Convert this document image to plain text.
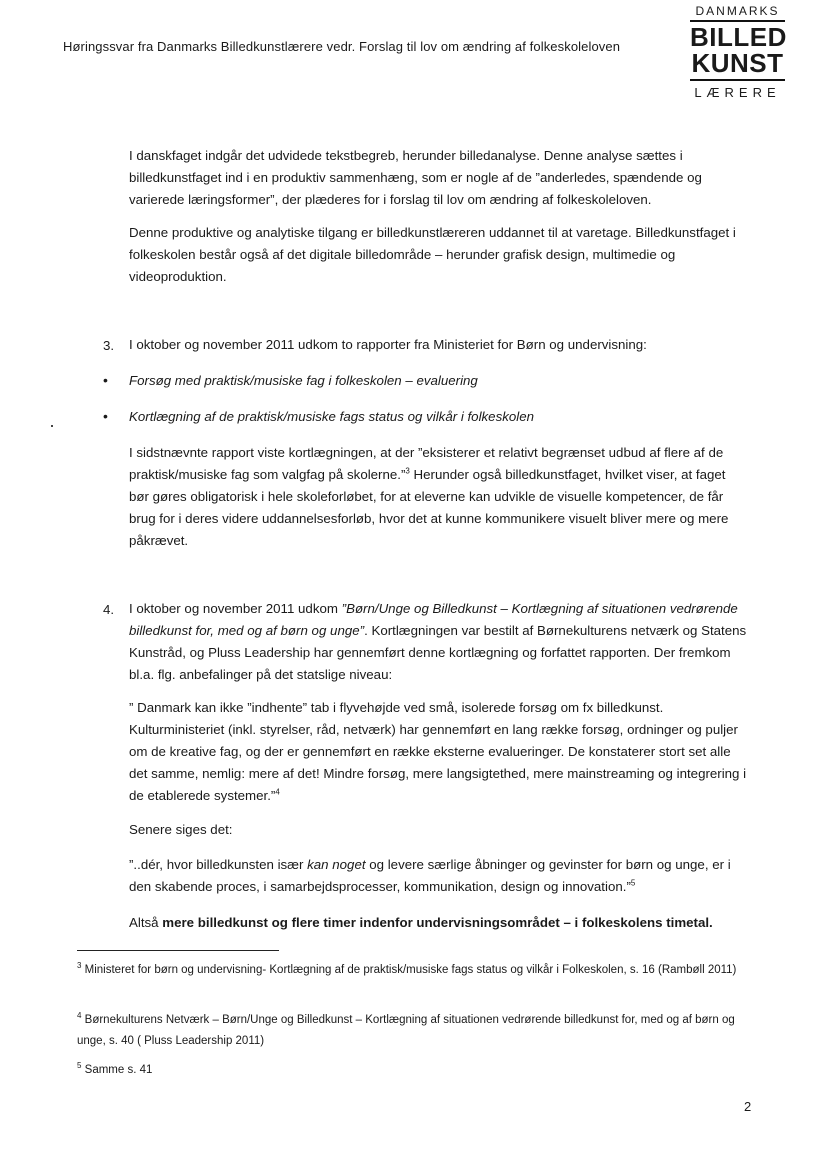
Høringssvar fra Danmarks Billedkunstlærere vedr. Forslag til lov om ændring af folkeskoleloven
DANMARKS
BILLED
KUNST
LÆRERE

I danskfaget indgår det udvidede tekstbegreb, herunder billedanalyse. Denne analyse sættes i billedkunstfaget ind i en produktiv sammenhæng, som er nogle af de ”anderledes, spændende og varierede læringsformer”, der plæderes for i forslag til lov om ændring af folkeskoleloven.

Denne produktive og analytiske tilgang er billedkunstlæreren uddannet til at varetage. Billedkunstfaget i folkeskolen består også af det digitale billedområde – herunder grafisk design, multimedie og videoproduktion.

3. I oktober og november 2011 udkom to rapporter fra Ministeriet for Børn og undervisning:

• Forsøg med praktisk/musiske fag i folkeskolen – evaluering

• Kortlægning af de praktisk/musiske fags status og vilkår i folkeskolen

I sidstnævnte rapport viste kortlægningen, at der ”eksisterer et relativt begrænset udbud af flere af de praktisk/musiske fag som valgfag på skolerne.”$^3$ Herunder også billedkunstfaget, hvilket viser, at faget bør gøres obligatorisk i hele skoleforløbet, for at eleverne kan udvikle de visuelle kompetencer, de får brug for i deres videre uddannelsesforløb, hvor det at kunne kommunikere visuelt bliver mere og mere påkrævet.

4. I oktober og november 2011 udkom ”Børn/Unge og Billedkunst – Kortlægning af situationen vedrørende billedkunst for, med og af børn og unge”. Kortlægningen var bestilt af Børnekulturens netværk og Statens Kunstråd, og Pluss Leadership har gennemført denne kortlægning og forfattet rapporten. Der fremkom bl.a. flg. anbefalinger på det statslige niveau:

” Danmark kan ikke ”indhente” tab i flyvehøjde ved små, isolerede forsøg om fx billedkunst. Kulturministeriet (inkl. styrelser, råd, netværk) har gennemført en lang række forsøg, ordninger og puljer om de kreative fag, og der er gennemført en række eksterne evalueringer. De konstaterer stort set alle det samme, nemlig: mere af det! Mindre forsøg, mere langsigtethed, mere mainstreaming og integrering i de etablerede systemer.”$^4$

Senere siges det:

”..dér, hvor billedkunsten især kan noget og levere særlige åbninger og gevinster for børn og unge, er i den skabende proces, i samarbejdsprocesser, kommunikation, design og innovation.”$^5$

Altså mere billedkunst og flere timer indenfor undervisningsområdet – i folkeskolens timetal.

$^3$ Ministeret for børn og undervisning- Kortlægning af de praktisk/musiske fags status og vilkår i Folkeskolen, s. 16 (Rambøll 2011)

$^4$ Børnekulturens Netværk – Børn/Unge og Billedkunst – Kortlægning af situationen vedrørende billedkunst for, med og af børn og unge, s. 40 ( Pluss Leadership 2011)

$^5$ Samme s. 41

2
